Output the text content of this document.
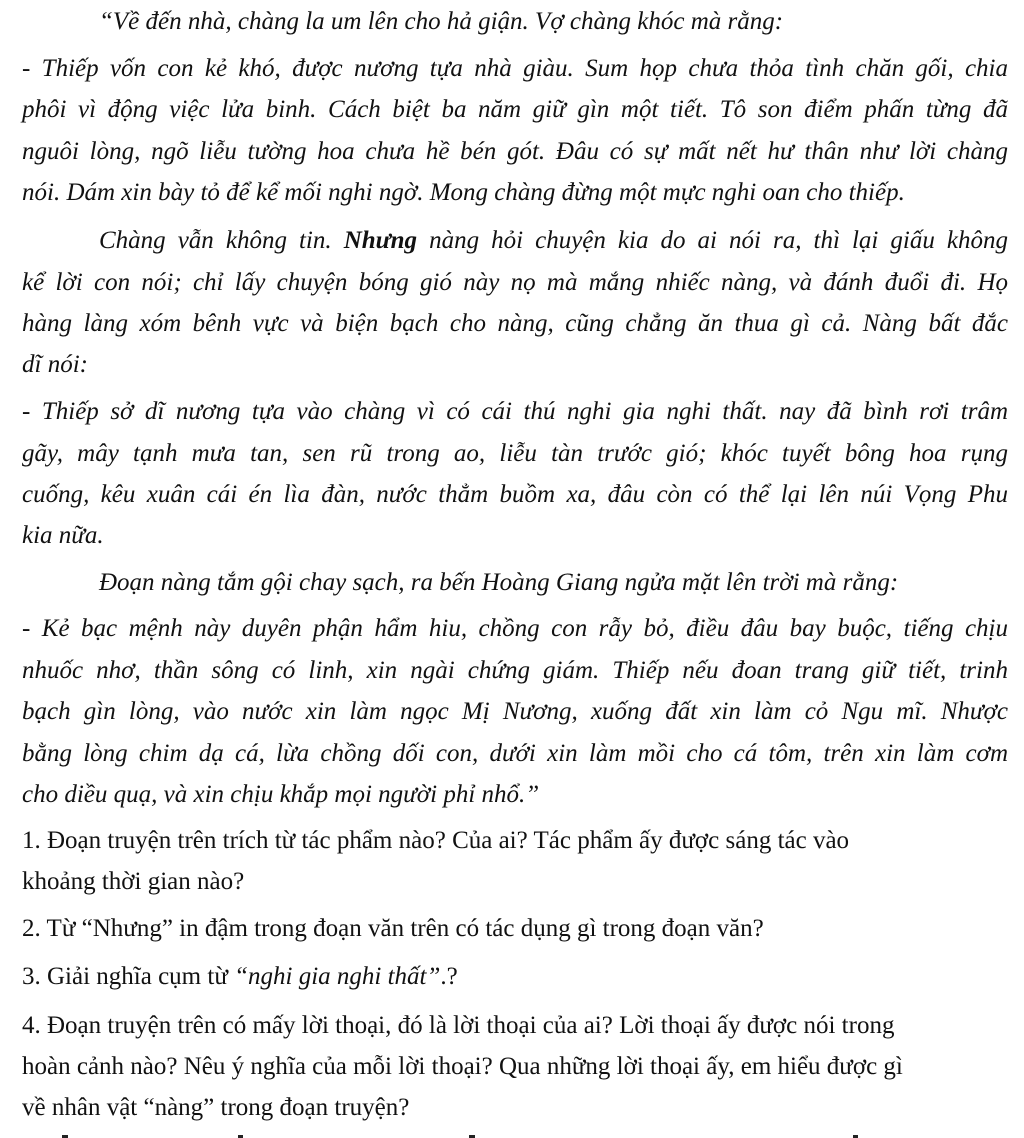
“Về đến nhà, chàng la um lên cho hả giận. Vợ chàng khóc mà rằng:
- Thiếp vốn con kẻ khó, được nương tựa nhà giàu. Sum họp chưa thỏa tình chăn gối, chia
phôi vì động việc lửa binh. Cách biệt ba năm giữ gìn một tiết. Tô son điểm phấn từng đã
nguôi lòng, ngõ liễu tường hoa chưa hề bén gót. Đâu có sự mất nết hư thân như lời chàng
nói. Dám xin bày tỏ để kể mối nghi ngờ. Mong chàng đừng một mực nghi oan cho thiếp.
Chàng vẫn không tin. Nhưng nàng hỏi chuyện kia do ai nói ra, thì lại giấu không
kể lời con nói; chỉ lấy chuyện bóng gió này nọ mà mắng nhiếc nàng, và đánh đuổi đi. Họ
hàng làng xóm bênh vực và biện bạch cho nàng, cũng chẳng ăn thua gì cả. Nàng bất đắc
dĩ nói:
- Thiếp sở dĩ nương tựa vào chàng vì có cái thú nghi gia nghi thất. nay đã bình rơi trâm
gãy, mây tạnh mưa tan, sen rũ trong ao, liễu tàn trước gió; khóc tuyết bông hoa rụng
cuống, kêu xuân cái én lìa đàn, nước thẳm buồm xa, đâu còn có thể lại lên núi Vọng Phu
kia nữa.
Đoạn nàng tắm gội chay sạch, ra bến Hoàng Giang ngửa mặt lên trời mà rằng:
- Kẻ bạc mệnh này duyên phận hẩm hiu, chồng con rẫy bỏ, điều đâu bay buộc, tiếng chịu
nhuốc nhơ, thần sông có linh, xin ngài chứng giám. Thiếp nếu đoan trang giữ tiết, trinh
bạch gìn lòng, vào nước xin làm ngọc Mị Nương, xuống đất xin làm cỏ Ngu mĩ. Nhược
bằng lòng chim dạ cá, lừa chồng dối con, dưới xin làm mồi cho cá tôm, trên xin làm cơm
cho diều quạ, và xin chịu khắp mọi người phỉ nhổ.”
1. Đoạn truyện trên trích từ tác phẩm nào? Của ai? Tác phẩm ấy được sáng tác vào
khoảng thời gian nào?
2. Từ “Nhưng” in đậm trong đoạn văn trên có tác dụng gì trong đoạn văn?
3. Giải nghĩa cụm từ “nghi gia nghi thất”.?
4. Đoạn truyện trên có mấy lời thoại, đó là lời thoại của ai? Lời thoại ấy được nói trong
hoàn cảnh nào? Nêu ý nghĩa của mỗi lời thoại? Qua những lời thoại ấy, em hiểu được gì
về nhân vật “nàng” trong đoạn truyện?
